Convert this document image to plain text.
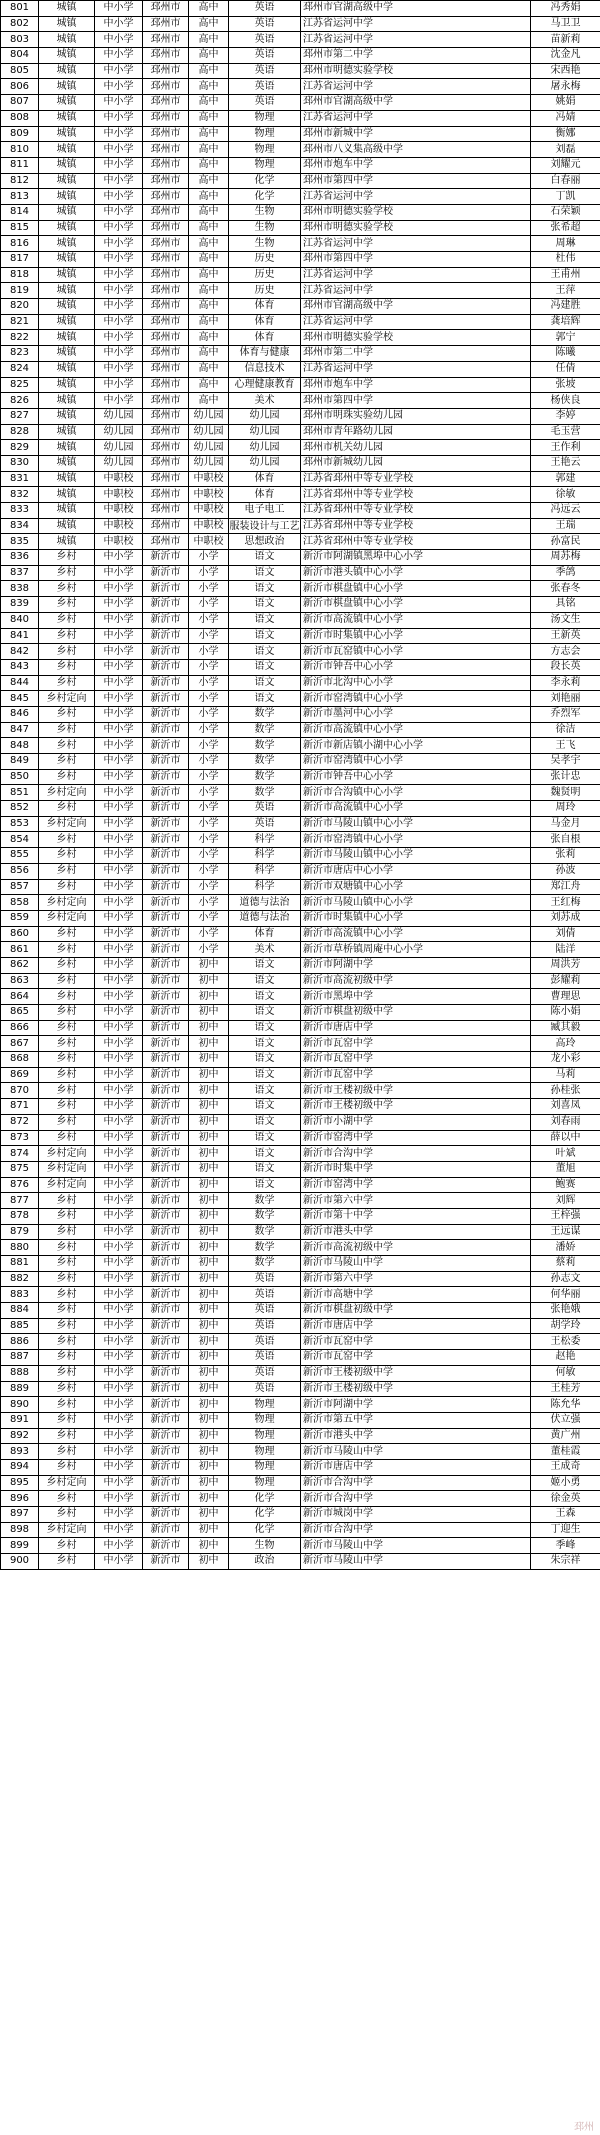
801	城镇	中小学	邳州市	高中	英语	邳州市官湖高级中学	冯秀娟
802	城镇	中小学	邳州市	高中	英语	江苏省运河中学	马卫卫
803	城镇	中小学	邳州市	高中	英语	江苏省运河中学	苗新莉
804	城镇	中小学	邳州市	高中	英语	邳州市第二中学	沈金凡
805	城镇	中小学	邳州市	高中	英语	邳州市明德实验学校	宋西艳
806	城镇	中小学	邳州市	高中	英语	江苏省运河中学	屠永梅
807	城镇	中小学	邳州市	高中	英语	邳州市官湖高级中学	姚娟
808	城镇	中小学	邳州市	高中	物理	江苏省运河中学	冯婧
809	城镇	中小学	邳州市	高中	物理	邳州市新城中学	衡娜
810	城镇	中小学	邳州市	高中	物理	邳州市八义集高级中学	刘磊
811	城镇	中小学	邳州市	高中	物理	邳州市炮车中学	刘耀元
812	城镇	中小学	邳州市	高中	化学	邳州市第四中学	白春丽
813	城镇	中小学	邳州市	高中	化学	江苏省运河中学	丁凯
814	城镇	中小学	邳州市	高中	生物	邳州市明德实验学校	石荣颖
815	城镇	中小学	邳州市	高中	生物	邳州市明德实验学校	张希超
816	城镇	中小学	邳州市	高中	生物	江苏省运河中学	周琳
817	城镇	中小学	邳州市	高中	历史	邳州市第四中学	杜伟
818	城镇	中小学	邳州市	高中	历史	江苏省运河中学	王甫州
819	城镇	中小学	邳州市	高中	历史	江苏省运河中学	王萍
820	城镇	中小学	邳州市	高中	体育	邳州市官湖高级中学	冯建胜
821	城镇	中小学	邳州市	高中	体育	江苏省运河中学	龚培辉
822	城镇	中小学	邳州市	高中	体育	邳州市明德实验学校	郭宁
823	城镇	中小学	邳州市	高中	体育与健康	邳州市第二中学	陈曦
824	城镇	中小学	邳州市	高中	信息技术	江苏省运河中学	任倩
825	城镇	中小学	邳州市	高中	心理健康教育	邳州市炮车中学	张坡
826	城镇	中小学	邳州市	高中	美术	邳州市第四中学	杨侠良
827	城镇	幼儿园	邳州市	幼儿园	幼儿园	邳州市明珠实验幼儿园	李婷
828	城镇	幼儿园	邳州市	幼儿园	幼儿园	邳州市青年路幼儿园	毛玉营
829	城镇	幼儿园	邳州市	幼儿园	幼儿园	邳州市机关幼儿园	王作利
830	城镇	幼儿园	邳州市	幼儿园	幼儿园	邳州市新城幼儿园	王艳云
831	城镇	中职校	邳州市	中职校	体育	江苏省邳州中等专业学校	郭建
832	城镇	中职校	邳州市	中职校	体育	江苏省邳州中等专业学校	徐敏
833	城镇	中职校	邳州市	中职校	电子电工	江苏省邳州中等专业学校	冯远云
834	城镇	中职校	邳州市	中职校	服装设计与工艺	江苏省邳州中等专业学校	王瑞
835	城镇	中职校	邳州市	中职校	思想政治	江苏省邳州中等专业学校	孙富民
836	乡村	中小学	新沂市	小学	语文	新沂市阿湖镇黑埠中心小学	周苏梅
837	乡村	中小学	新沂市	小学	语文	新沂市港头镇中心小学	季鸽
838	乡村	中小学	新沂市	小学	语文	新沂市棋盘镇中心小学	张春冬
839	乡村	中小学	新沂市	小学	语文	新沂市棋盘镇中心小学	具铭
840	乡村	中小学	新沂市	小学	语文	新沂市高流镇中心小学	汤文生
841	乡村	中小学	新沂市	小学	语文	新沂市时集镇中心小学	王新英
842	乡村	中小学	新沂市	小学	语文	新沂市瓦窑镇中心小学	方志会
843	乡村	中小学	新沂市	小学	语文	新沂市钟吾中心小学	段长英
844	乡村	中小学	新沂市	小学	语文	新沂市北沟中心小学	李永莉
845	乡村定向	中小学	新沂市	小学	语文	新沂市窑湾镇中心小学	刘艳丽
846	乡村	中小学	新沂市	小学	数学	新沂市墨河中心小学	乔烈军
847	乡村	中小学	新沂市	小学	数学	新沂市高流镇中心小学	徐洁
848	乡村	中小学	新沂市	小学	数学	新沂市新店镇小湖中心小学	王飞
849	乡村	中小学	新沂市	小学	数学	新沂市窑湾镇中心小学	吴孝宇
850	乡村	中小学	新沂市	小学	数学	新沂市钟吾中心小学	张计忠
851	乡村定向	中小学	新沂市	小学	数学	新沂市合沟镇中心小学	魏贤明
852	乡村	中小学	新沂市	小学	英语	新沂市高流镇中心小学	周玲
853	乡村定向	中小学	新沂市	小学	英语	新沂市马陵山镇中心小学	马金月
854	乡村	中小学	新沂市	小学	科学	新沂市窑湾镇中心小学	张自根
855	乡村	中小学	新沂市	小学	科学	新沂市马陵山镇中心小学	张莉
856	乡村	中小学	新沂市	小学	科学	新沂市唐店中心小学	孙波
857	乡村	中小学	新沂市	小学	科学	新沂市双塘镇中心小学	郑江舟
858	乡村定向	中小学	新沂市	小学	道德与法治	新沂市马陵山镇中心小学	王红梅
859	乡村定向	中小学	新沂市	小学	道德与法治	新沂市时集镇中心小学	刘苏成
860	乡村	中小学	新沂市	小学	体育	新沂市高流镇中心小学	刘倩
861	乡村	中小学	新沂市	小学	美术	新沂市草桥镇周庵中心小学	陆洋
862	乡村	中小学	新沂市	初中	语文	新沂市阿湖中学	周洪芳
863	乡村	中小学	新沂市	初中	语文	新沂市高流初级中学	彭耀莉
864	乡村	中小学	新沂市	初中	语文	新沂市黑埠中学	曹理思
865	乡村	中小学	新沂市	初中	语文	新沂市棋盘初级中学	陈小娟
866	乡村	中小学	新沂市	初中	语文	新沂市唐店中学	臧其毅
867	乡村	中小学	新沂市	初中	语文	新沂市瓦窑中学	高玲
868	乡村	中小学	新沂市	初中	语文	新沂市瓦窑中学	龙小彩
869	乡村	中小学	新沂市	初中	语文	新沂市瓦窑中学	马莉
870	乡村	中小学	新沂市	初中	语文	新沂市王楼初级中学	孙桂张
871	乡村	中小学	新沂市	初中	语文	新沂市王楼初级中学	刘喜凤
872	乡村	中小学	新沂市	初中	语文	新沂市小湖中学	刘春雨
873	乡村	中小学	新沂市	初中	语文	新沂市窑湾中学	薛以中
874	乡村定向	中小学	新沂市	初中	语文	新沂市合沟中学	叶斌
875	乡村定向	中小学	新沂市	初中	语文	新沂市时集中学	董旭
876	乡村定向	中小学	新沂市	初中	语文	新沂市窑湾中学	鲍赛
877	乡村	中小学	新沂市	初中	数学	新沂市第六中学	刘辉
878	乡村	中小学	新沂市	初中	数学	新沂市第十中学	王梓强
879	乡村	中小学	新沂市	初中	数学	新沂市港头中学	王远谋
880	乡村	中小学	新沂市	初中	数学	新沂市高流初级中学	潘娇
881	乡村	中小学	新沂市	初中	数学	新沂市马陵山中学	蔡莉
882	乡村	中小学	新沂市	初中	英语	新沂市第六中学	孙志文
883	乡村	中小学	新沂市	初中	英语	新沂市高塘中学	何华丽
884	乡村	中小学	新沂市	初中	英语	新沂市棋盘初级中学	张艳娥
885	乡村	中小学	新沂市	初中	英语	新沂市唐店中学	胡学玲
886	乡村	中小学	新沂市	初中	英语	新沂市瓦窑中学	王松委
887	乡村	中小学	新沂市	初中	英语	新沂市瓦窑中学	赵艳
888	乡村	中小学	新沂市	初中	英语	新沂市王楼初级中学	何敏
889	乡村	中小学	新沂市	初中	英语	新沂市王楼初级中学	王桂芳
890	乡村	中小学	新沂市	初中	物理	新沂市阿湖中学	陈允华
891	乡村	中小学	新沂市	初中	物理	新沂市第五中学	伏立强
892	乡村	中小学	新沂市	初中	物理	新沂市港头中学	黄广州
893	乡村	中小学	新沂市	初中	物理	新沂市马陵山中学	董桂霞
894	乡村	中小学	新沂市	初中	物理	新沂市唐店中学	王成奇
895	乡村定向	中小学	新沂市	初中	物理	新沂市合沟中学	姬小勇
896	乡村	中小学	新沂市	初中	化学	新沂市合沟中学	徐金英
897	乡村	中小学	新沂市	初中	化学	新沂市城岗中学	王森
898	乡村定向	中小学	新沂市	初中	化学	新沂市合沟中学	丁迎生
899	乡村	中小学	新沂市	初中	生物	新沂市马陵山中学	季峰
900	乡村	中小学	新沂市	初中	政治	新沂市马陵山中学	朱宗祥
邳州
